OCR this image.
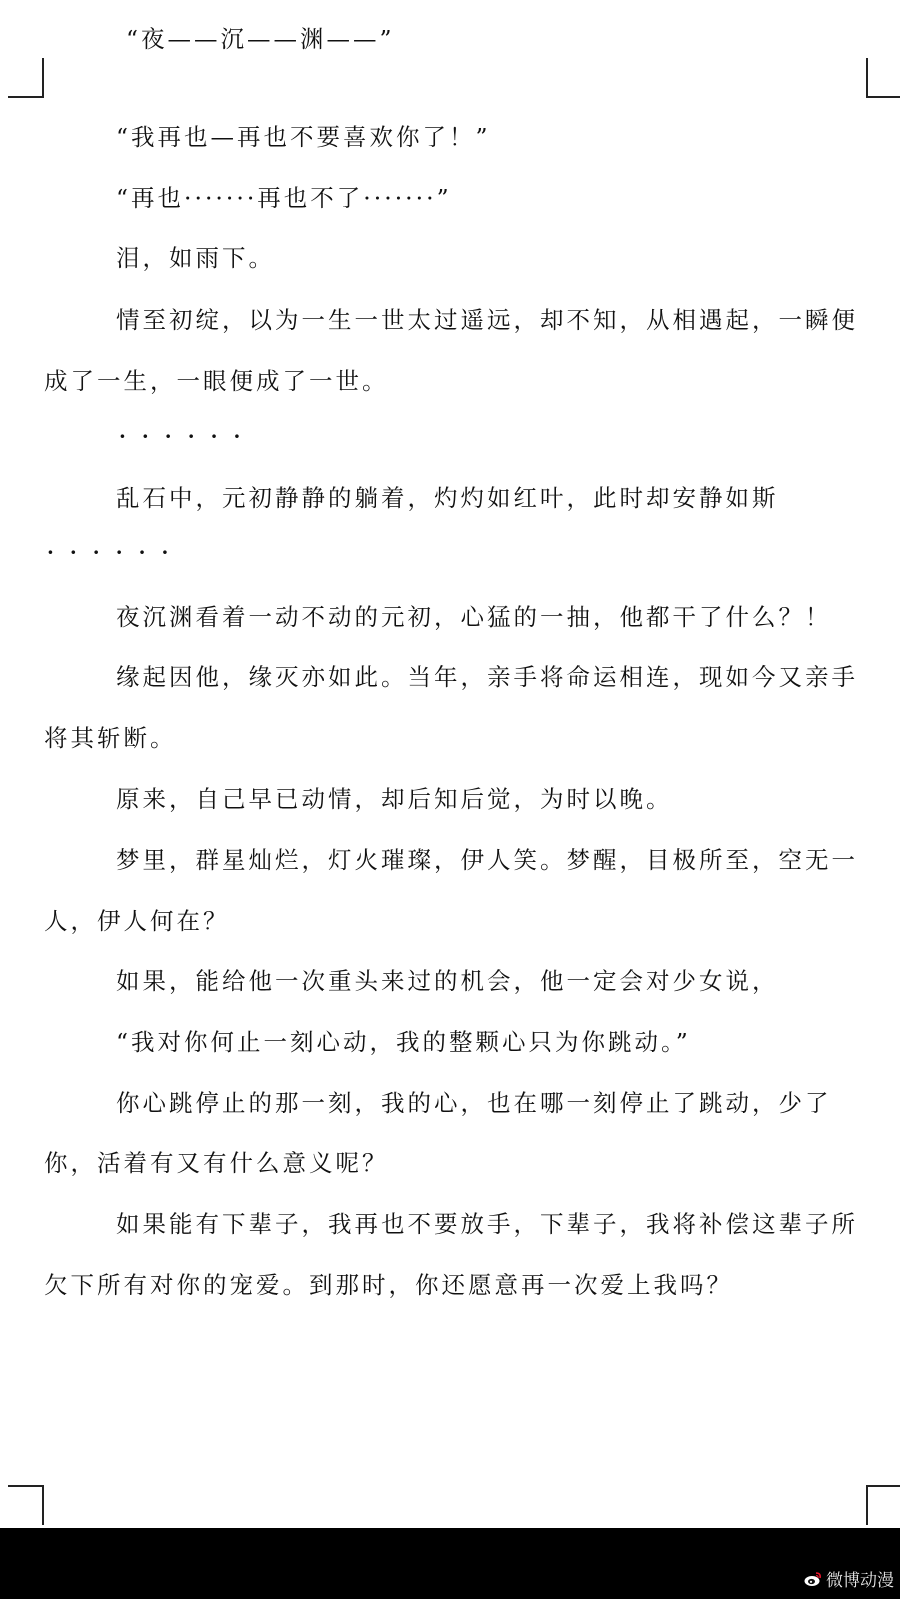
“夜——沉——渊——”
“我再也—再也不要喜欢你了！”
“再也·······再也不了·······”
泪，如雨下。
情至初绽，以为一生一世太过遥远，却不知，从相遇起，一瞬便
成了一生，一眼便成了一世。
······
乱石中，元初静静的躺着，灼灼如红叶，此时却安静如斯
······
夜沉渊看着一动不动的元初，心猛的一抽，他都干了什么？！
缘起因他，缘灭亦如此。当年，亲手将命运相连，现如今又亲手
将其斩断。
原来，自己早已动情，却后知后觉，为时以晚。
梦里，群星灿烂，灯火璀璨，伊人笑。梦醒，目极所至，空无一
人，伊人何在？
如果，能给他一次重头来过的机会，他一定会对少女说，
“我对你何止一刻心动，我的整颗心只为你跳动。”
你心跳停止的那一刻，我的心，也在哪一刻停止了跳动，少了
你，活着有又有什么意义呢？
如果能有下辈子，我再也不要放手，下辈子，我将补偿这辈子所
欠下所有对你的宠爱。到那时，你还愿意再一次爱上我吗？
微博动漫
